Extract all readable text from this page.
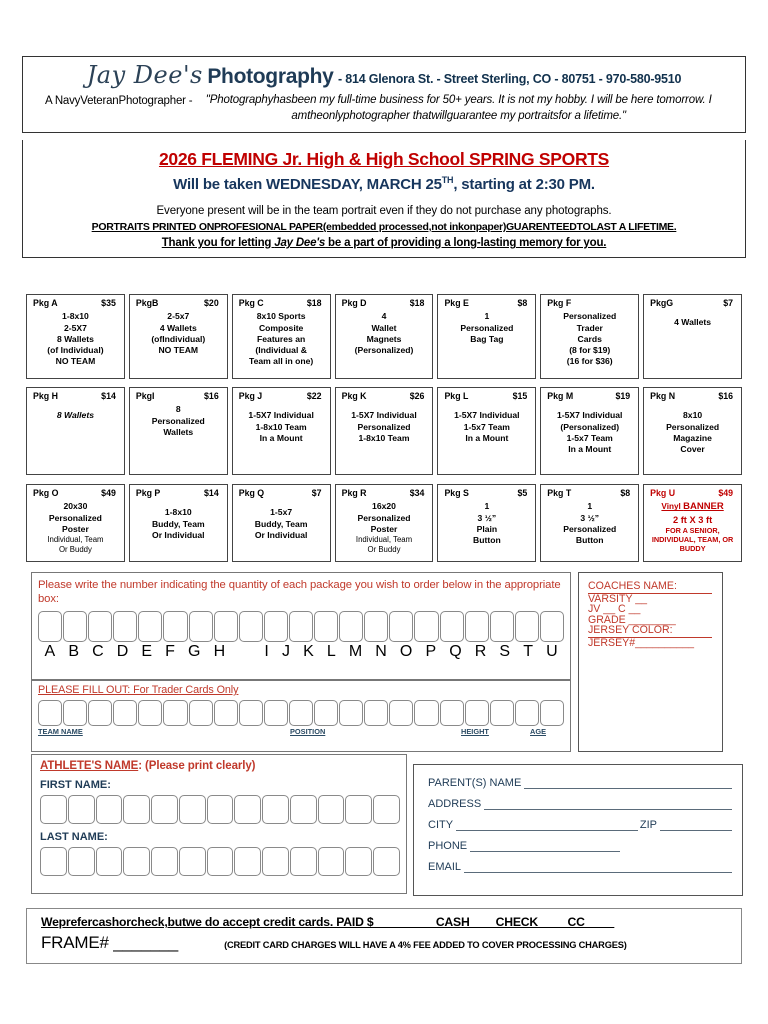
Jay Dee's Photography - 814 Glenora St. - Street Sterling, CO - 80751 - 970-580-9510
A NavyVeteranPhotographer -	"Photographyhasbeen my full-time business for 50+ years. It is not my hobby. I will be here tomorrow. I amtheonlyphotographer thatwillguarantee my portraitsfor a lifetime."
2026 FLEMING Jr. High & High School SPRING SPORTS
Will be taken WEDNESDAY, MARCH 25TH, starting at 2:30 PM.
Everyone present will be in the team portrait even if they do not purchase any photographs.
PORTRAITS PRINTED ONPROFESIONAL PAPER(embedded processed,not inkonpaper)GUARENTEEDTOLAST A LIFETIME.
Thank you for letting Jay Dee's be a part of providing a long-lasting memory for you.
Pkg A	$35
1-8x10
2-5X7
8 Wallets
(of Individual)
NO TEAM
PkgB	$20
2-5x7
4 Wallets
(ofIndividual)
NO TEAM
Pkg C	$18
8x10 Sports
Composite
Features an
(Individual &
Team all in one)
Pkg D	$18
4
Wallet
Magnets
(Personalized)
Pkg E	$8
1
Personalized
Bag Tag
Pkg F
Personalized
Trader
Cards
(8 for $19)
(16 for $36)
PkgG	$7
4 Wallets
Pkg H	$14
8 Wallets
PkgI	$16
8
Personalized
Wallets
Pkg J	$22
1-5X7 Individual
1-8x10 Team
In a Mount
Pkg K	$26
1-5X7 Individual
Personalized
1-8x10 Team
Pkg L	$15
1-5X7 Individual
1-5x7 Team
In a Mount
Pkg M	$19
1-5X7 Individual
(Personalized)
1-5x7 Team
In a Mount
Pkg N	$16
8x10
Personalized
Magazine
Cover
Pkg O	$49
20x30
Personalized
Poster
Individual, Team
Or Buddy
Pkg P	$14
1-8x10
Buddy, Team
Or Individual
Pkg Q	$7
1-5x7
Buddy, Team
Or Individual
Pkg R	$34
16x20
Personalized
Poster
Individual, Team
Or Buddy
Pkg S	$5
1
3 ½”
Plain
Button
Pkg T	$8
1
3 ½”
Personalized
Button
Pkg U	$49
Vinyl BANNER
2 ft X 3 ft
FOR A SENIOR, INDIVIDUAL, TEAM, OR BUDDY
Please write the number indicating the quantity of each package you wish to order below in the appropriate box:
A B C D E F G H	I J K L M N O P Q R S T U
PLEASE FILL OUT: For Trader Cards Only
TEAM NAME	POSITION	HEIGHT	AGE
COACHES NAME:
VARSITY __
JV __ C __
GRADE ________
JERSEY COLOR:
JERSEY#__________
ATHLETE'S NAME: (Please print clearly)
FIRST NAME:
LAST NAME:
PARENT(S) NAME
ADDRESS
CITY	ZIP
PHONE
EMAIL
Weprefercashorcheck,butwe do accept credit cards. PAID $_________ CASH ___ CHECK____ CC ____
FRAME# _______	(CREDIT CARD CHARGES WILL HAVE A 4% FEE ADDED TO COVER PROCESSING CHARGES)
